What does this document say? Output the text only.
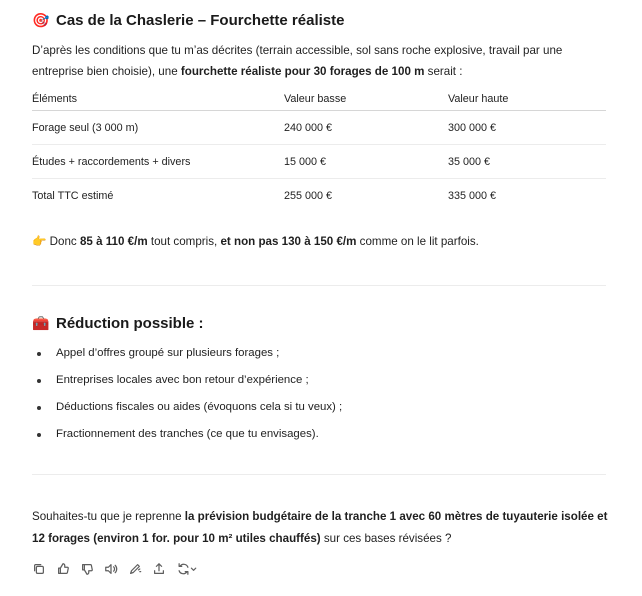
🎯 Cas de la Chaslerie – Fourchette réaliste
D’après les conditions que tu m’as décrites (terrain accessible, sol sans roche explosive, travail par une entreprise bien choisie), une fourchette réaliste pour 30 forages de 100 m serait :
Éléments	Valeur basse	Valeur haute
Forage seul (3 000 m)	240 000 €	300 000 €
Études + raccordements + divers	15 000 €	35 000 €
Total TTC estimé	255 000 €	335 000 €
👉 Donc 85 à 110 €/m tout compris, et non pas 130 à 150 €/m comme on le lit parfois.
🧰 Réduction possible :
Appel d’offres groupé sur plusieurs forages ;
Entreprises locales avec bon retour d’expérience ;
Déductions fiscales ou aides (évoquons cela si tu veux) ;
Fractionnement des tranches (ce que tu envisages).
Souhaites-tu que je reprenne la prévision budgétaire de la tranche 1 avec 60 mètres de tuyauterie isolée et 12 forages (environ 1 for. pour 10 m² utiles chauffés) sur ces bases révisées ?
